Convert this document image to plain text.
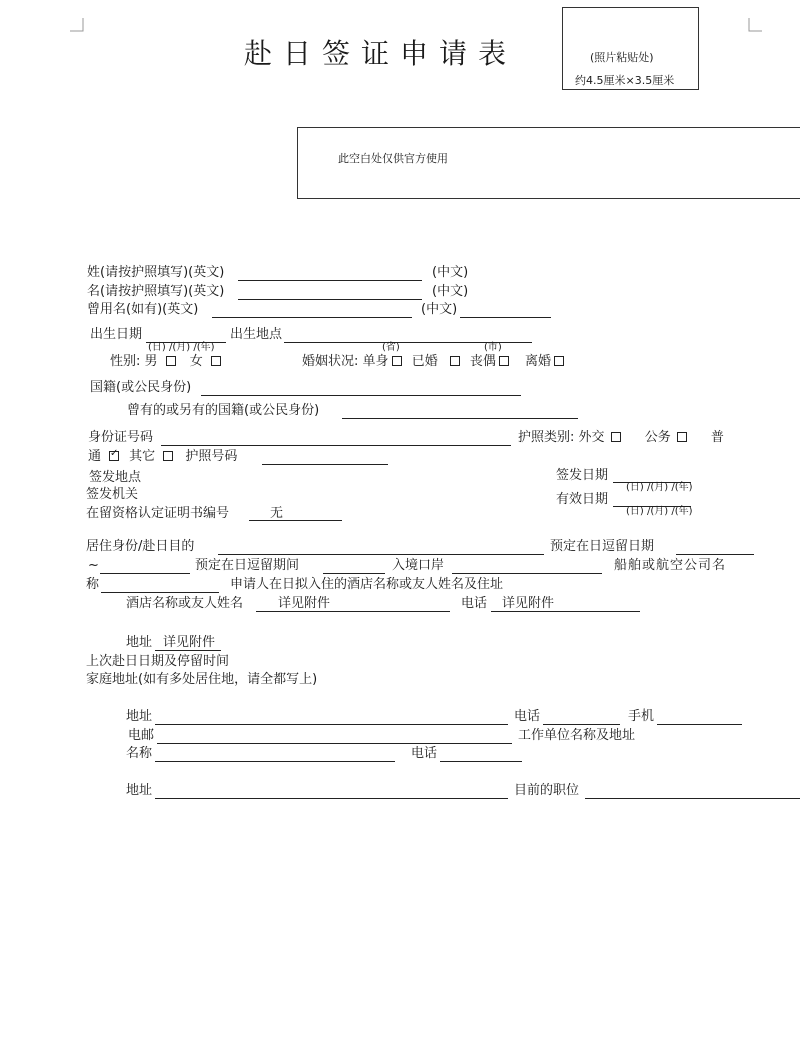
赴日签证申请表	(照片粘贴处)
约4.5厘米×3.5厘米
此空白处仅供官方使用
姓(请按护照填写)(英文)	(中文)
名(请按护照填写)(英文)	(中文)
曾用名(如有)(英文)	(中文)
出生日期	出生地点
(日) /(月) /(年)	(省)	(市)
性别: 男 女	婚姻状况: 单身 已婚 丧偶 离婚
国籍(或公民身份)
曾有的或另有的国籍(或公民身份)
身份证号码	护照类别: 外交	公务	普
通✓ 其它 护照号码
签发地点
签发机关
签发日期
(日) /(月) /(年)
有效日期
(日) /(月) /(年)
在留资格认定证明书编号	无
居住身份/赴日目的	预定在日逗留日期
~	预定在日逗留期间	入境口岸	船舶或航空公司名
称	申请人在日拟入住的酒店名称或友人姓名及住址
酒店名称或友人姓名	详见附件	电话 详见附件
地址 详见附件
上次赴日日期及停留时间
家庭地址(如有多处居住地，请全都写上)
地址	电话	手机
电邮	工作单位名称及地址
名称	电话
地址	目前的职位
